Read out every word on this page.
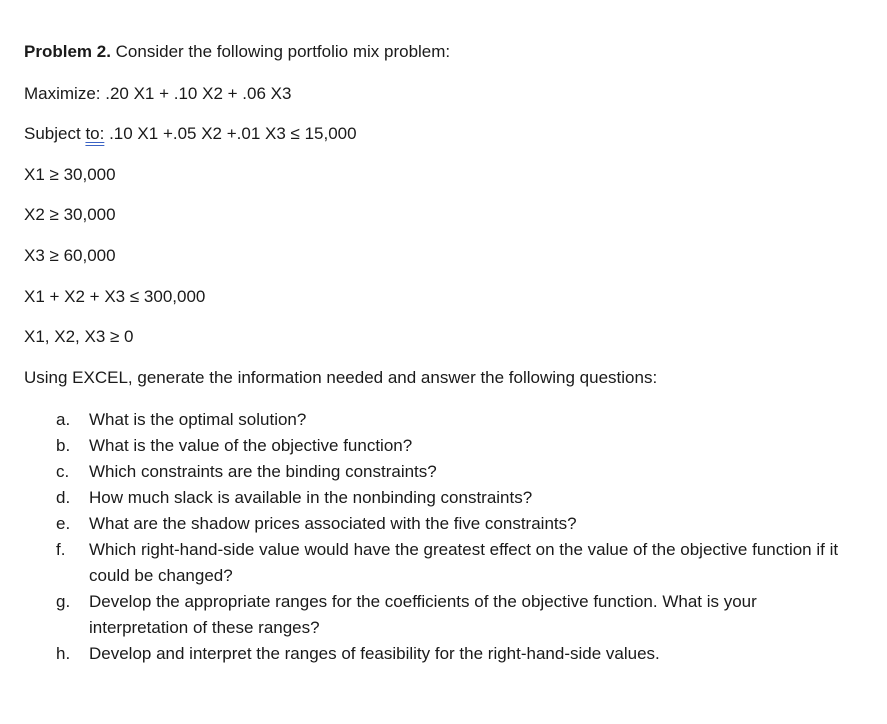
Problem 2. Consider the following portfolio mix problem:
Maximize: .20 X1 + .10 X2 + .06 X3
Subject to: .10 X1 +.05 X2 +.01 X3 ≤ 15,000
X1 ≥ 30,000
X2 ≥ 30,000
X3 ≥ 60,000
X1 + X2 + X3 ≤ 300,000
X1, X2, X3 ≥ 0
Using EXCEL, generate the information needed and answer the following questions:
a.	What is the optimal solution?
b.	What is the value of the objective function?
c.	Which constraints are the binding constraints?
d.	How much slack is available in the nonbinding constraints?
e.	What are the shadow prices associated with the five constraints?
f.	Which right-hand-side value would have the greatest effect on the value of the objective function if it could be changed?
g.	Develop the appropriate ranges for the coefficients of the objective function. What is your interpretation of these ranges?
h.	Develop and interpret the ranges of feasibility for the right-hand-side values.
